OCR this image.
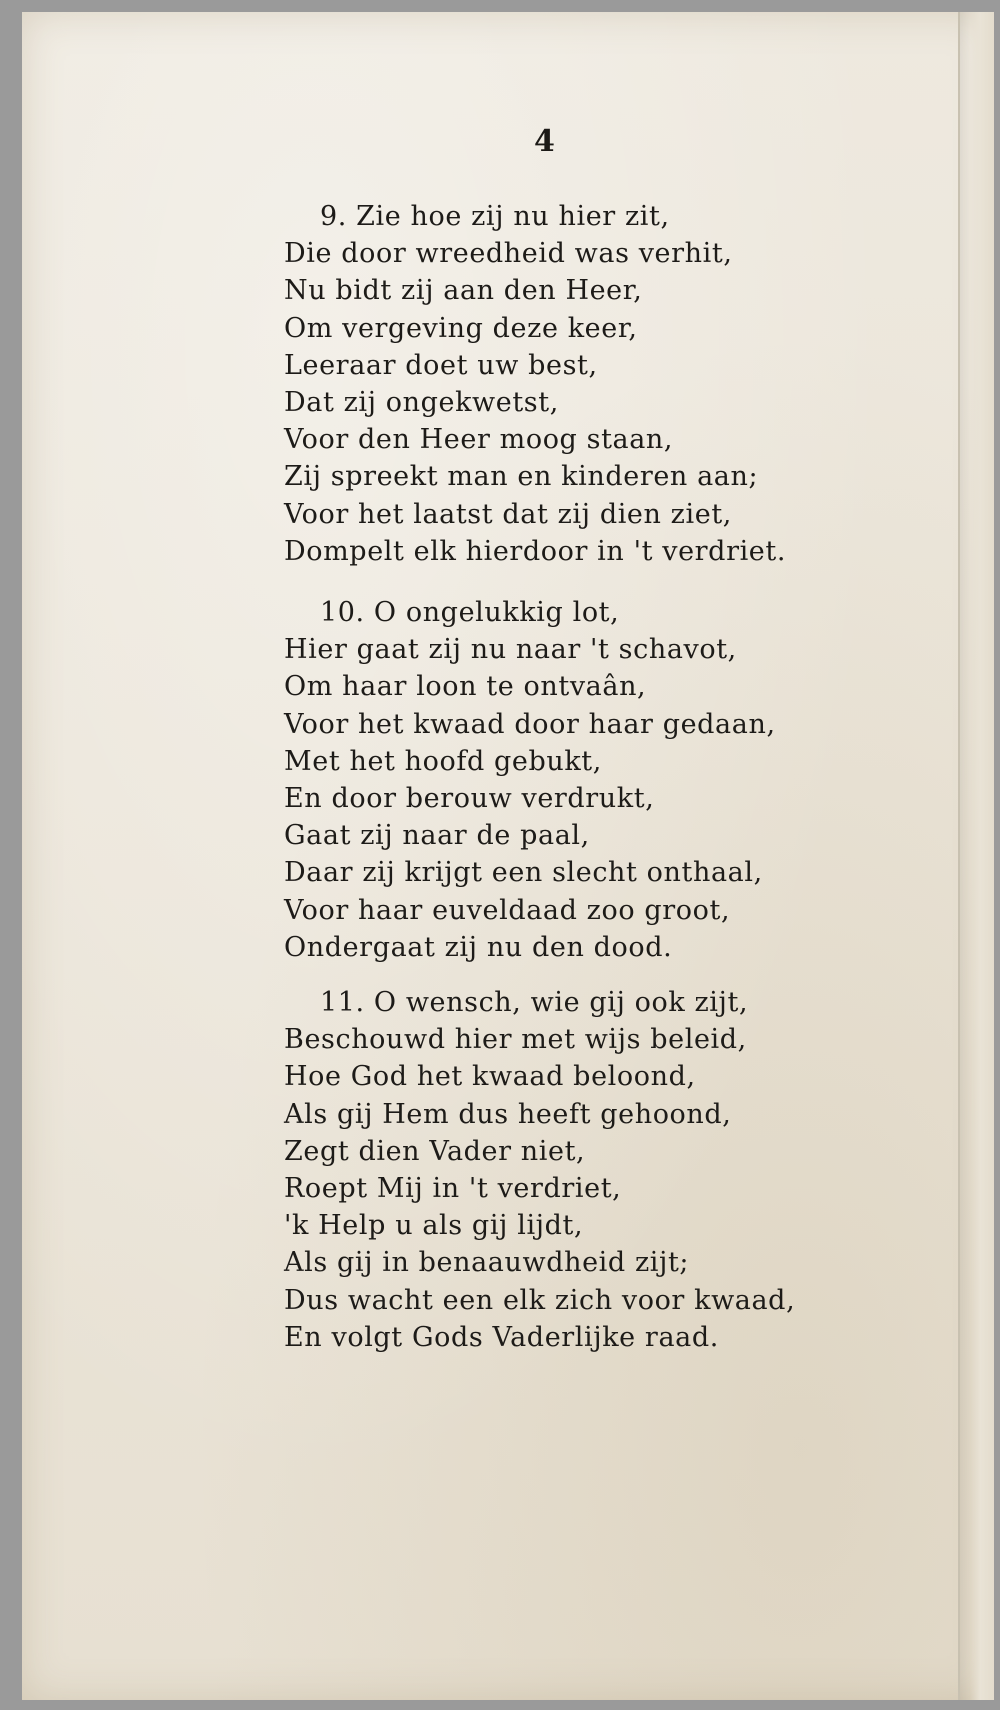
4
9. Zie hoe zij nu hier zit,
Die door wreedheid was verhit,
Nu bidt zij aan den Heer,
Om vergeving deze keer,
Leeraar doet uw best,
Dat zij ongekwetst,
Voor den Heer moog staan,
Zij spreekt man en kinderen aan;
Voor het laatst dat zij dien ziet,
Dompelt elk hierdoor in 't verdriet.
10. O ongelukkig lot,
Hier gaat zij nu naar 't schavot,
Om haar loon te ontvaân,
Voor het kwaad door haar gedaan,
Met het hoofd gebukt,
En door berouw verdrukt,
Gaat zij naar de paal,
Daar zij krijgt een slecht onthaal,
Voor haar euveldaad zoo groot,
Ondergaat zij nu den dood.
11. O wensch, wie gij ook zijt,
Beschouwd hier met wijs beleid,
Hoe God het kwaad beloond,
Als gij Hem dus heeft gehoond,
Zegt dien Vader niet,
Roept Mij in 't verdriet,
'k Help u als gij lijdt,
Als gij in benaauwdheid zijt;
Dus wacht een elk zich voor kwaad,
En volgt Gods Vaderlijke raad.
